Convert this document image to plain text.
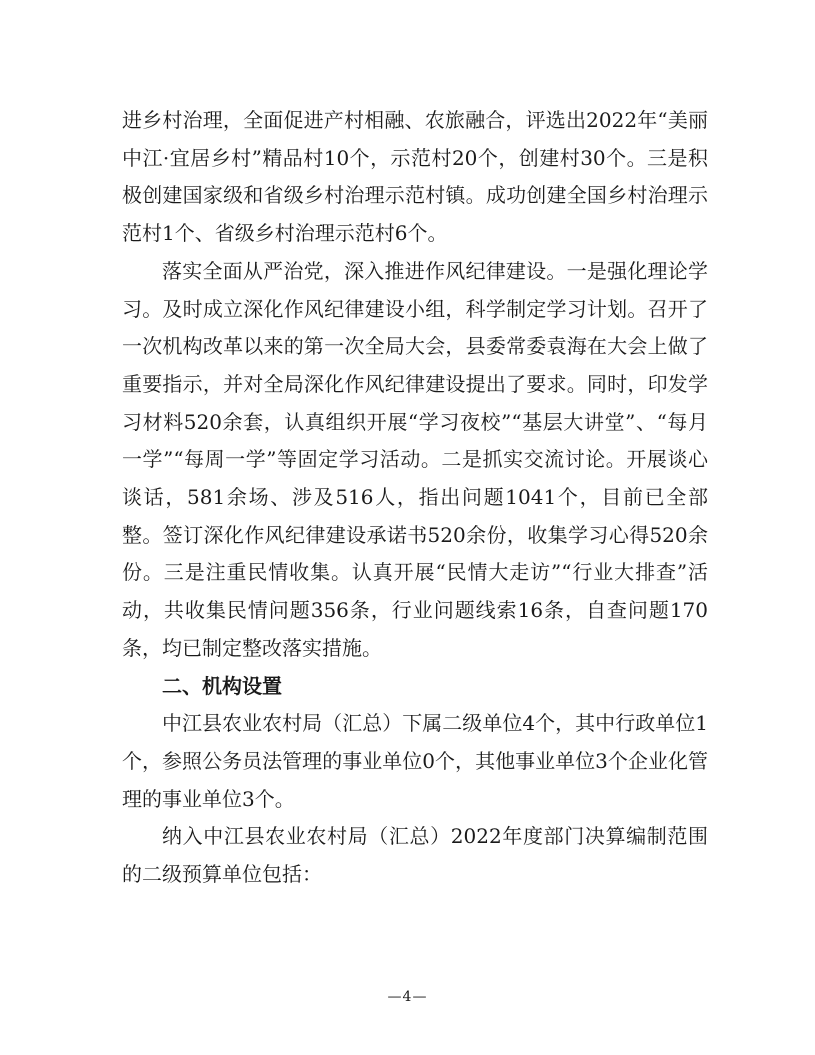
进乡村治理，全面促进产村相融、农旅融合，评选出2022年“美丽中江·宜居乡村”精品村10个，示范村20个，创建村30个。三是积极创建国家级和省级乡村治理示范村镇。成功创建全国乡村治理示范村1个、省级乡村治理示范村6个。

落实全面从严治党，深入推进作风纪律建设。一是强化理论学习。及时成立深化作风纪律建设小组，科学制定学习计划。召开了一次机构改革以来的第一次全局大会，县委常委袁海在大会上做了重要指示，并对全局深化作风纪律建设提出了要求。同时，印发学习材料520余套，认真组织开展“学习夜校”“基层大讲堂”、“每月一学”“每周一学”等固定学习活动。二是抓实交流讨论。开展谈心谈话，581余场、涉及516人，指出问题1041个，目前已全部整。签订深化作风纪律建设承诺书520余份，收集学习心得520余份。三是注重民情收集。认真开展“民情大走访”“行业大排查”活动，共收集民情问题356条，行业问题线索16条，自查问题170条，均已制定整改落实措施。

二、机构设置

中江县农业农村局（汇总）下属二级单位4个，其中行政单位1个，参照公务员法管理的事业单位0个，其他事业单位3个企业化管理的事业单位3个。

纳入中江县农业农村局（汇总）2022年度部门决算编制范围的二级预算单位包括：

—4—
